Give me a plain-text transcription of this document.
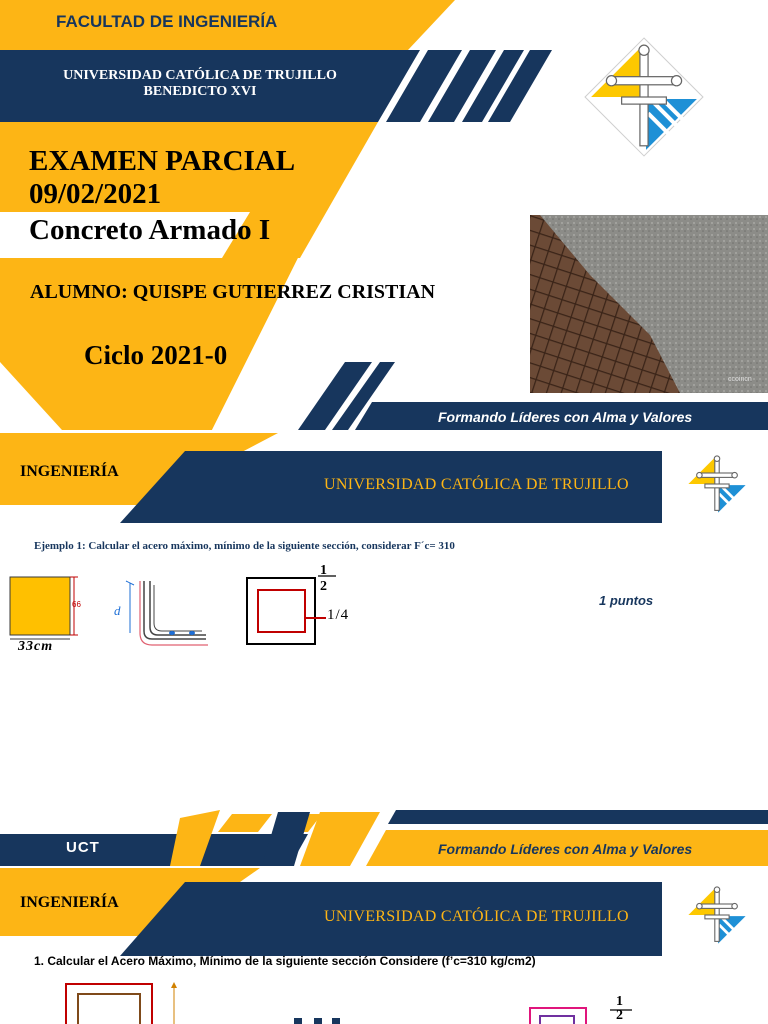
FACULTAD DE INGENIERÍA
UNIVERSIDAD CATÓLICA DE TRUJILLO
BENEDICTO XVI
EXAMEN PARCIAL
09/02/2021
Concreto Armado I
ALUMNO: QUISPE GUTIERREZ CRISTIAN
Ciclo 2021-0
ccoincn
Formando Líderes con Alma y Valores
INGENIERÍA
UNIVERSIDAD CATÓLICA DE TRUJILLO
Ejemplo 1: Calcular el acero máximo, mínimo de la siguiente sección, considerar F´c= 310
66
33cm
d
1
2
1/4
1 puntos
UCT	Formando Líderes con Alma y Valores
INGENIERÍA
UNIVERSIDAD CATÓLICA DE TRUJILLO
1. Calcular el Acero Máximo, Mínimo de la siguiente sección Considere (f’c=310 kg/cm2)
1
2
